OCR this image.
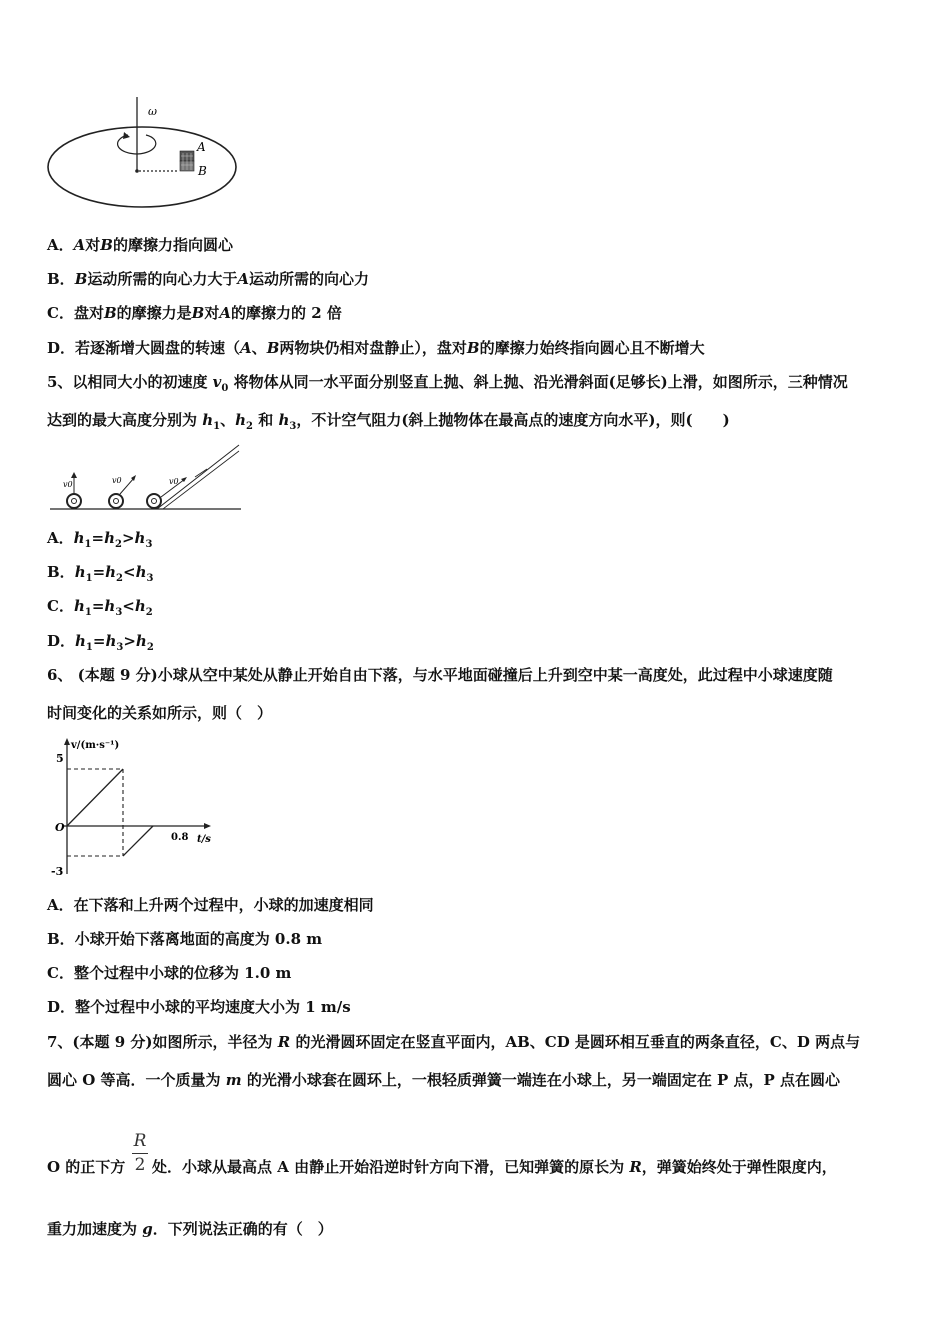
ω
A
B
A．A对B的摩擦力指向圆心
B．B运动所需的向心力大于A运动所需的向心力
C．盘对B的摩擦力是B对A的摩擦力的 2 倍
D．若逐渐增大圆盘的转速（A、B两物块仍相对盘静止），盘对B的摩擦力始终指向圆心且不断增大
5、以相同大小的初速度 $v_0$ 将物体从同一水平面分别竖直上抛、斜上抛、沿光滑斜面(足够长)上滑，如图所示，三种情况
达到的最大高度分别为 $h_1$、$h_2$ 和 $h_3$，不计空气阻力(斜上抛物体在最高点的速度方向水平)，则(　　)
v0	v0	v0
A．$h_1=h_2>h_3$
B．$h_1=h_2<h_3$
C．$h_1=h_3<h_2$
D．$h_1=h_3>h_2$
6、 (本题 9 分)小球从空中某处从静止开始自由下落，与水平地面碰撞后上升到空中某一高度处，此过程中小球速度随
时间变化的关系如所示，则（　）
v/(m·s⁻¹)
t/s
5
-3
O
0.8
A．在下落和上升两个过程中，小球的加速度相同
B．小球开始下落离地面的高度为 0.8 m
C．整个过程中小球的位移为 1.0 m
D．整个过程中小球的平均速度大小为 1 m/s
7、(本题 9 分)如图所示，半径为 R 的光滑圆环固定在竖直平面内，AB、CD 是圆环相互垂直的两条直径，C、D 两点与
圆心 O 等高．一个质量为 m 的光滑小球套在圆环上，一根轻质弹簧一端连在小球上，另一端固定在 P 点，P 点在圆心
O 的正下方
R
2 处．小球从最高点 A 由静止开始沿逆时针方向下滑，已知弹簧的原长为 R，弹簧始终处于弹性限度内，
重力加速度为 g．下列说法正确的有（　）
